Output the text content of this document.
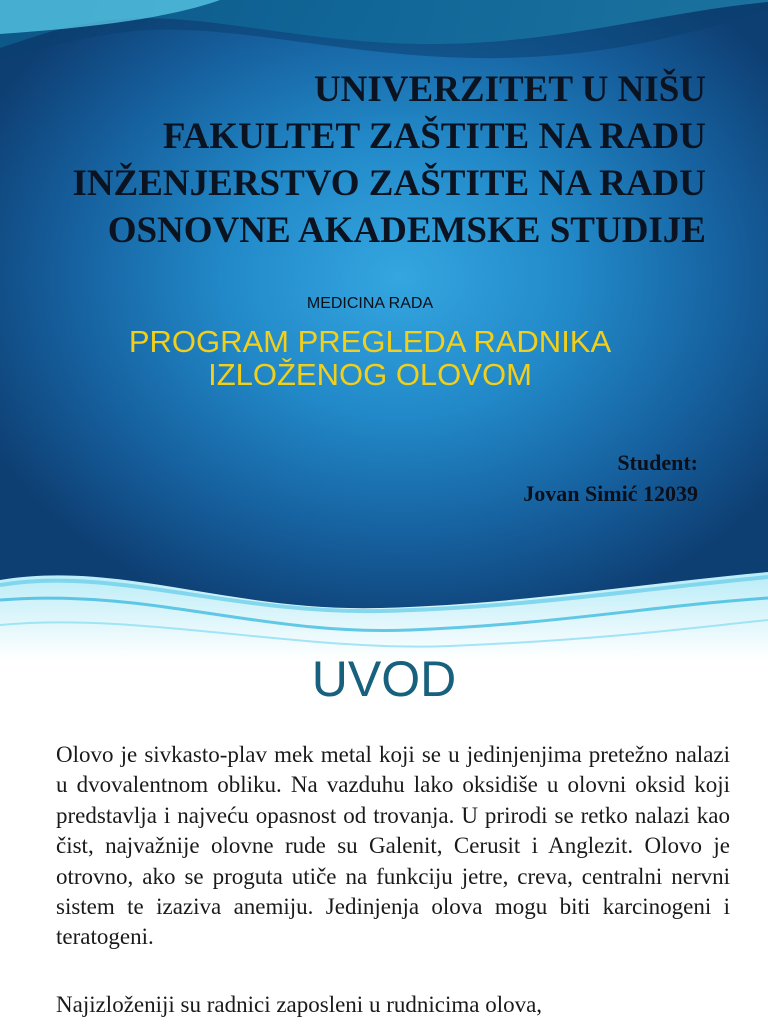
UNIVERZITET U NIŠU
FAKULTET ZAŠTITE NA RADU
INŽENJERSTVO ZAŠTITE NA RADU
OSNOVNE AKADEMSKE STUDIJE
MEDICINA RADA
PROGRAM PREGLEDA RADNIKA
IZLOŽENOG OLOVOM
Student:
Jovan Simić 12039
UVOD

Olovo je sivkasto-plav mek metal koji se u jedinjenjima pretežno nalazi u dvovalentnom obliku. Na vazduhu lako oksidiše u olovni oksid koji predstavlja i najveću opasnost od trovanja. U prirodi se retko nalazi kao čist, najvažnije olovne rude su Galenit, Cerusit i Anglezit. Olovo je otrovno, ako se proguta utiče na funkciju jetre, creva, centralni nervni sistem te izaziva anemiju. Jedinjenja olova mogu biti karcinogeni i teratogeni.

Najizloženiji su radnici zaposleni u rudnicima olova,
